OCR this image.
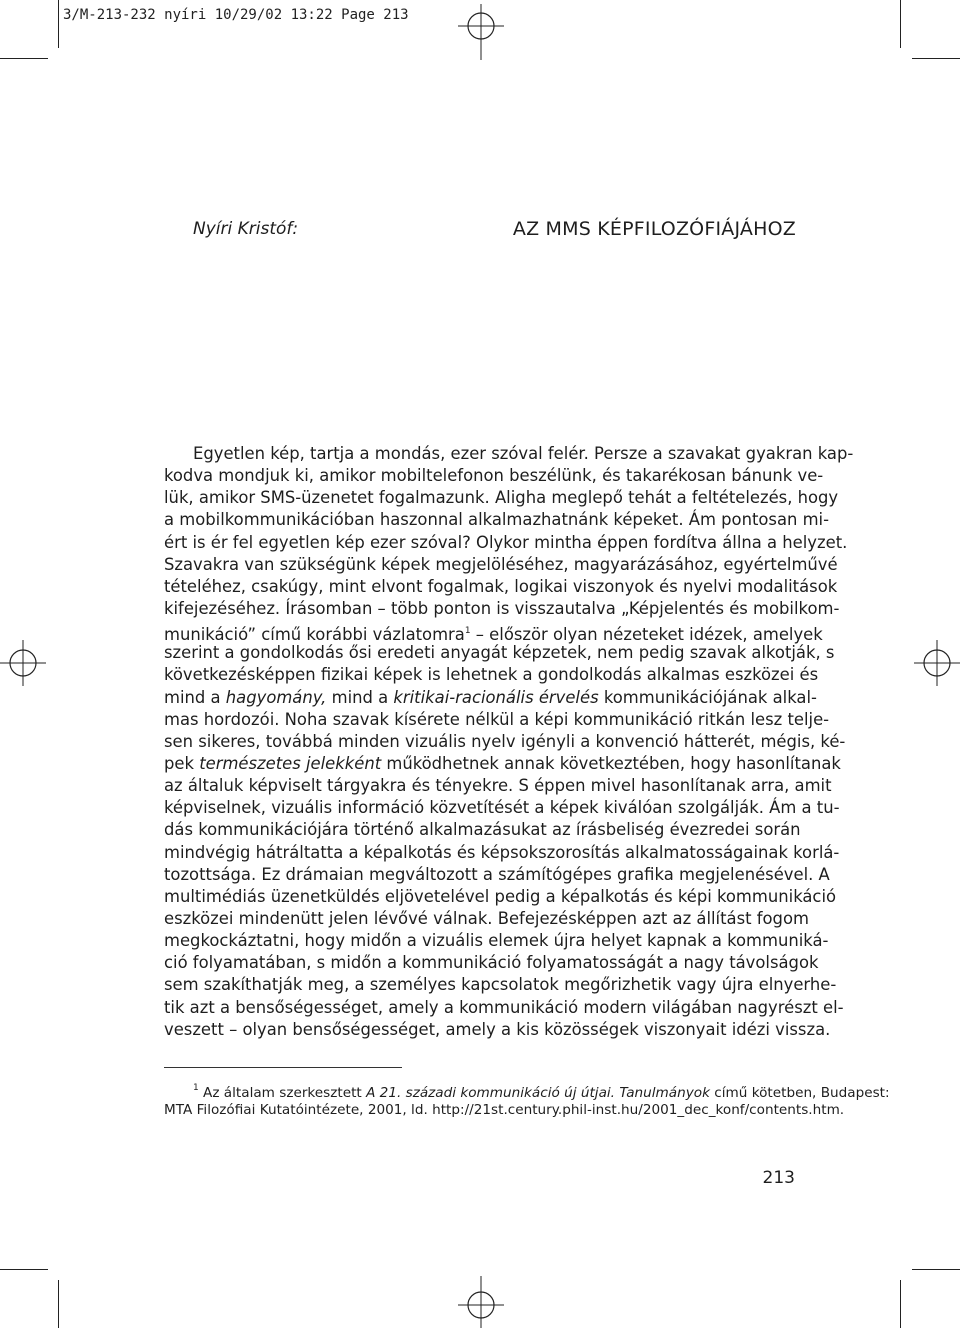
3/M-213-232 nyíri 10/29/02 13:22 Page 213
Nyíri Kristóf:	AZ MMS KÉPFILOZÓFIÁJÁHOZ
Egyetlen kép, tartja a mondás, ezer szóval felér. Persze a szavakat gyakran kap-
kodva mondjuk ki, amikor mobiltelefonon beszélünk, és takarékosan bánunk ve-
lük, amikor SMS-üzenetet fogalmazunk. Aligha meglepő tehát a feltételezés, hogy
a mobilkommunikációban haszonnal alkalmazhatnánk képeket. Ám pontosan mi-
ért is ér fel egyetlen kép ezer szóval? Olykor mintha éppen fordítva állna a helyzet.
Szavakra van szükségünk képek megjelöléséhez, magyarázásához, egyértelművé
tételéhez, csakúgy, mint elvont fogalmak, logikai viszonyok és nyelvi modalitások
kifejezéséhez. Írásomban – több ponton is visszautalva „Képjelentés és mobilkom-
munikáció” című korábbi vázlatomra$^1$ – először olyan nézeteket idézek, amelyek
szerint a gondolkodás ősi eredeti anyagát képzetek, nem pedig szavak alkotják, s
következésképpen fizikai képek is lehetnek a gondolkodás alkalmas eszközei és
mind a hagyomány, mind a kritikai-racionális érvelés kommunikációjának alkal-
mas hordozói. Noha szavak kísérete nélkül a képi kommunikáció ritkán lesz telje-
sen sikeres, továbbá minden vizuális nyelv igényli a konvenció hátterét, mégis, ké-
pek természetes jelekként működhetnek annak következtében, hogy hasonlítanak
az általuk képviselt tárgyakra és tényekre. S éppen mivel hasonlítanak arra, amit
képviselnek, vizuális információ közvetítését a képek kiválóan szolgálják. Ám a tu-
dás kommunikációjára történő alkalmazásukat az írásbeliség évezredei során
mindvégig hátráltatta a képalkotás és képsokszorosítás alkalmatosságainak korlá-
tozottsága. Ez drámaian megváltozott a számítógépes grafika megjelenésével. A
multimédiás üzenetküldés eljövetelével pedig a képalkotás és képi kommunikáció
eszközei mindenütt jelen lévővé válnak. Befejezésképpen azt az állítást fogom
megkockáztatni, hogy midőn a vizuális elemek újra helyet kapnak a kommuniká-
ció folyamatában, s midőn a kommunikáció folyamatosságát a nagy távolságok
sem szakíthatják meg, a személyes kapcsolatok megőrizhetik vagy újra elnyerhe-
tik azt a bensőségességet, amely a kommunikáció modern világában nagyrészt el-
veszett – olyan bensőségességet, amely a kis közösségek viszonyait idézi vissza.
$^1$ Az általam szerkesztett A 21. századi kommunikáció új útjai. Tanulmányok című kötetben, Budapest:
MTA Filozófiai Kutatóintézete, 2001, ld. http://21st.century.phil-inst.hu/2001_dec_konf/contents.htm.
213
